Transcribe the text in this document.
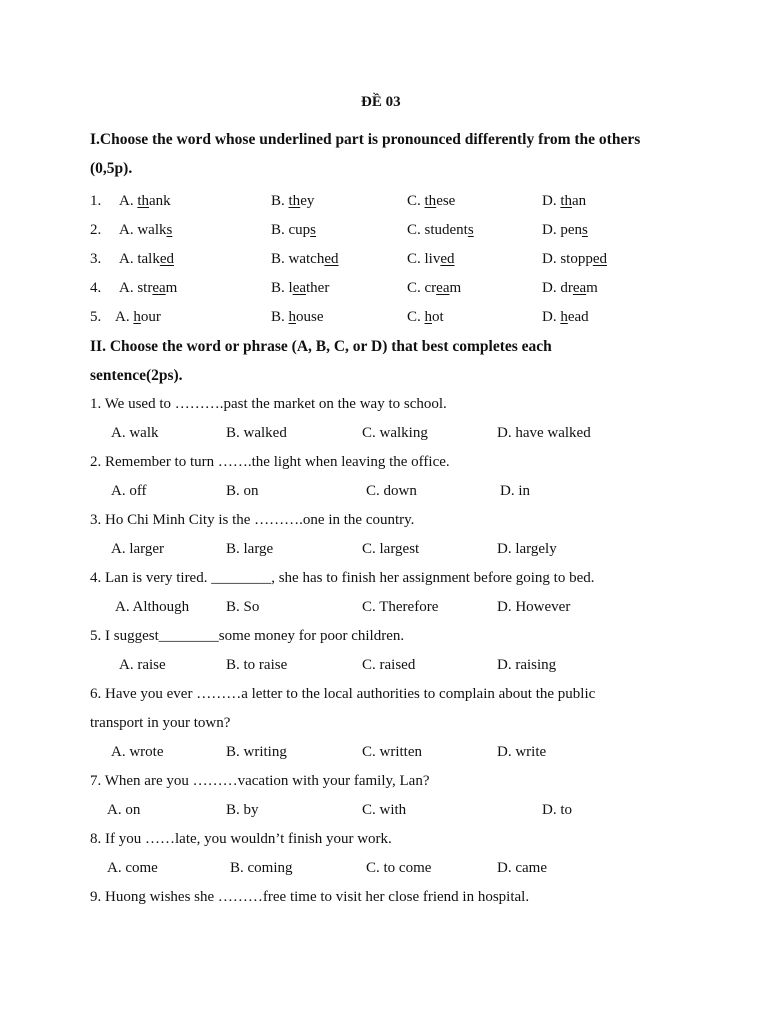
ĐỀ 03
I.Choose the word whose underlined part is pronounced differently from the others
(0,5p).
1. A. thank	B. they	C. these	D. than
2. A. walks	B. cups	C. students	D. pens
3. A. talked	B. watched	C. lived	D. stopped
4. A. stream	B. leather	C. cream	D. dream
5. A. hour	B. house	C. hot	D. head
II. Choose the word or phrase (A, B, C, or D) that best completes each
sentence(2ps).
1. We used to ……….past the market on the way to school.
A. walk	B. walked	C. walking	D. have walked
2. Remember to turn …….the light when leaving the office.
A. off	B. on	C. down	D. in
3. Ho Chi Minh City is the ……….one in the country.
A. larger	B. large	C. largest	D. largely
4. Lan is very tired. ________, she has to finish her assignment before going to bed.
A. Although B. So	C. Therefore	D. However
5. I suggest________some money for poor children.
A. raise	B. to raise	C. raised	D. raising
6. Have you ever ………a letter to the local authorities to complain about the public
transport in your town?
A. wrote	B. writing	C. written	D. write
7. When are you ………vacation with your family, Lan?
A. on	B. by	C. with	D. to
8. If you ……late, you wouldn’t finish your work.
A. come	B. coming	C. to come	D. came
9. Huong wishes she ………free time to visit her close friend in hospital.
